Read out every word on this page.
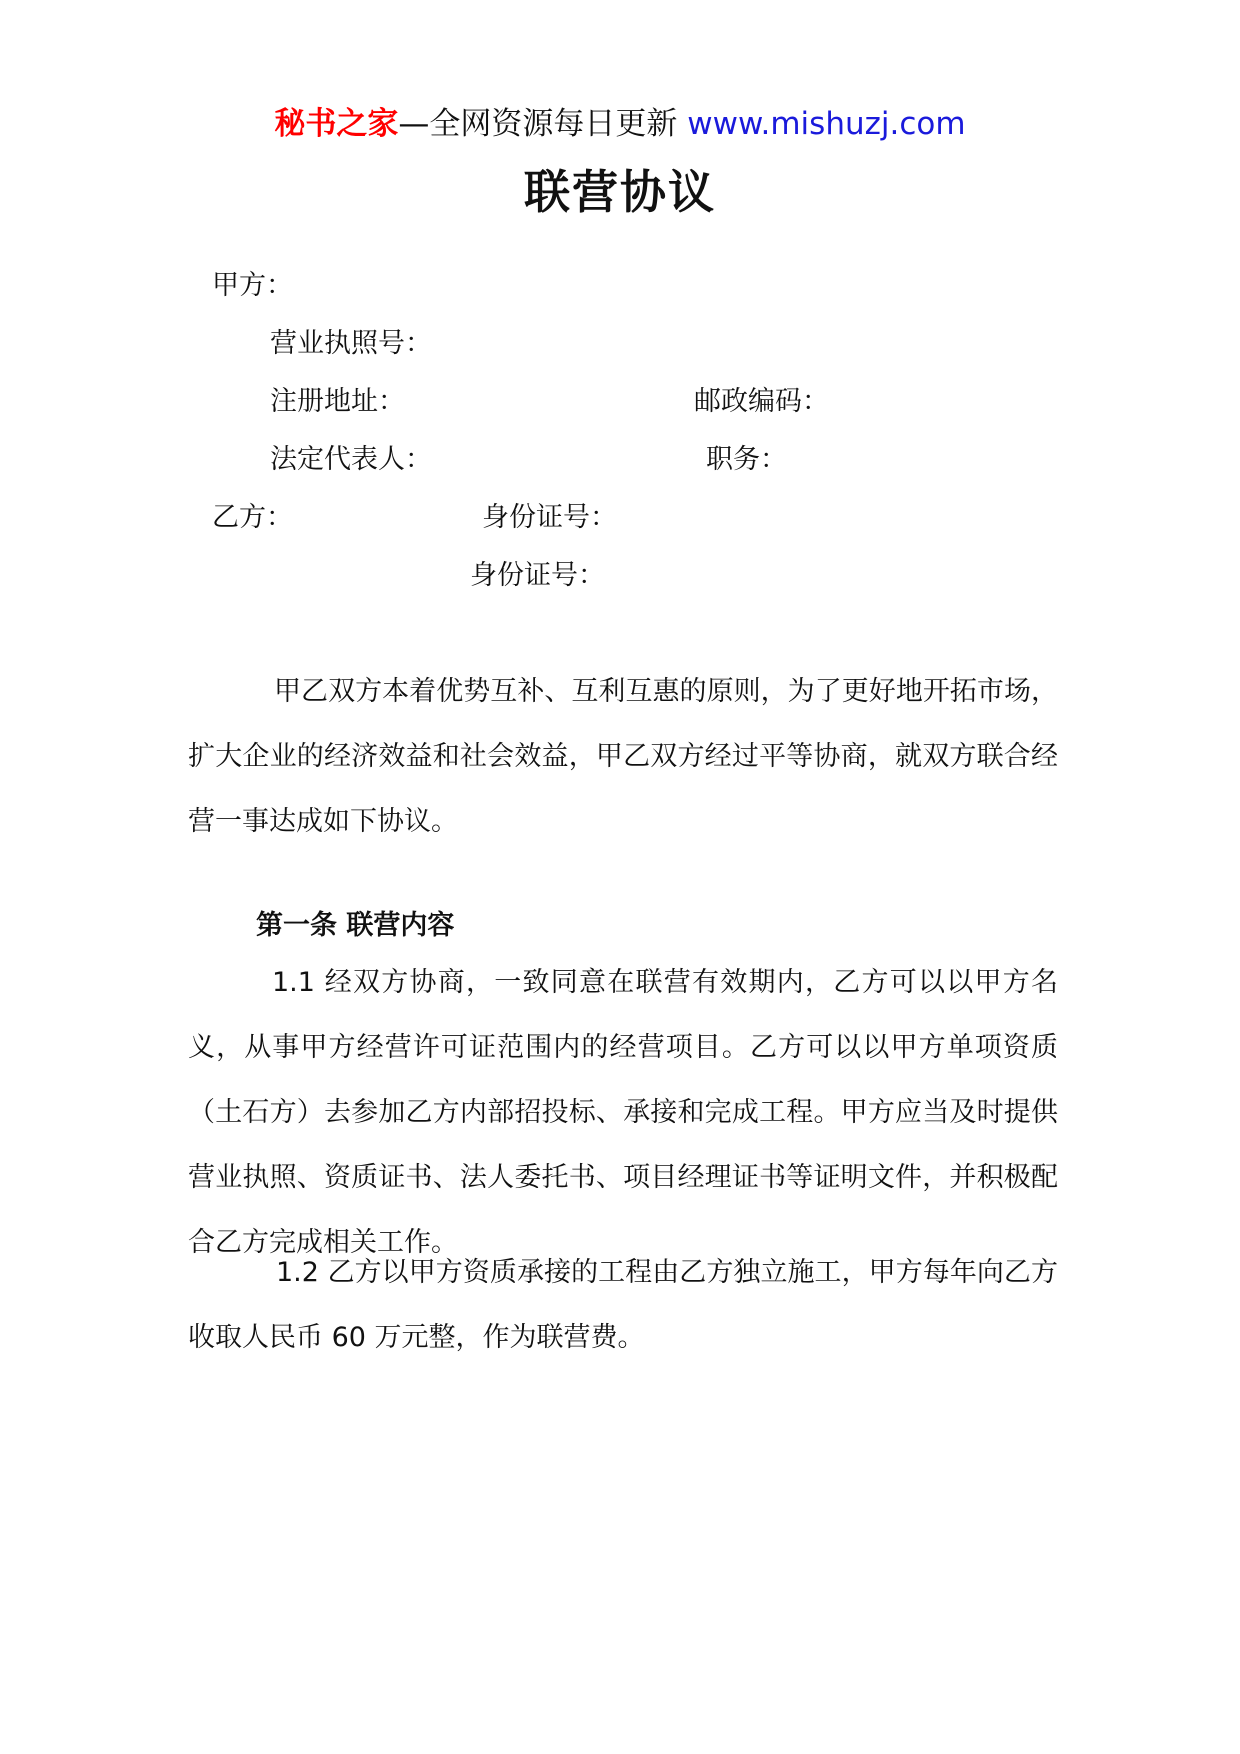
秘书之家—全网资源每日更新 www.mishuzj.com
联营协议
甲方：
营业执照号：
注册地址：	邮政编码：
法定代表人：	职务：
乙方：	身份证号：
身份证号：
甲乙双方本着优势互补、互利互惠的原则，为了更好地开拓市场，扩大企业的经济效益和社会效益，甲乙双方经过平等协商，就双方联合经营一事达成如下协议。
第一条 联营内容
1.1 经双方协商，一致同意在联营有效期内，乙方可以以甲方名义，从事甲方经营许可证范围内的经营项目。乙方可以以甲方单项资质（土石方）去参加乙方内部招投标、承接和完成工程。甲方应当及时提供营业执照、资质证书、法人委托书、项目经理证书等证明文件，并积极配合乙方完成相关工作。
1.2 乙方以甲方资质承接的工程由乙方独立施工，甲方每年向乙方收取人民币 60 万元整，作为联营费。
